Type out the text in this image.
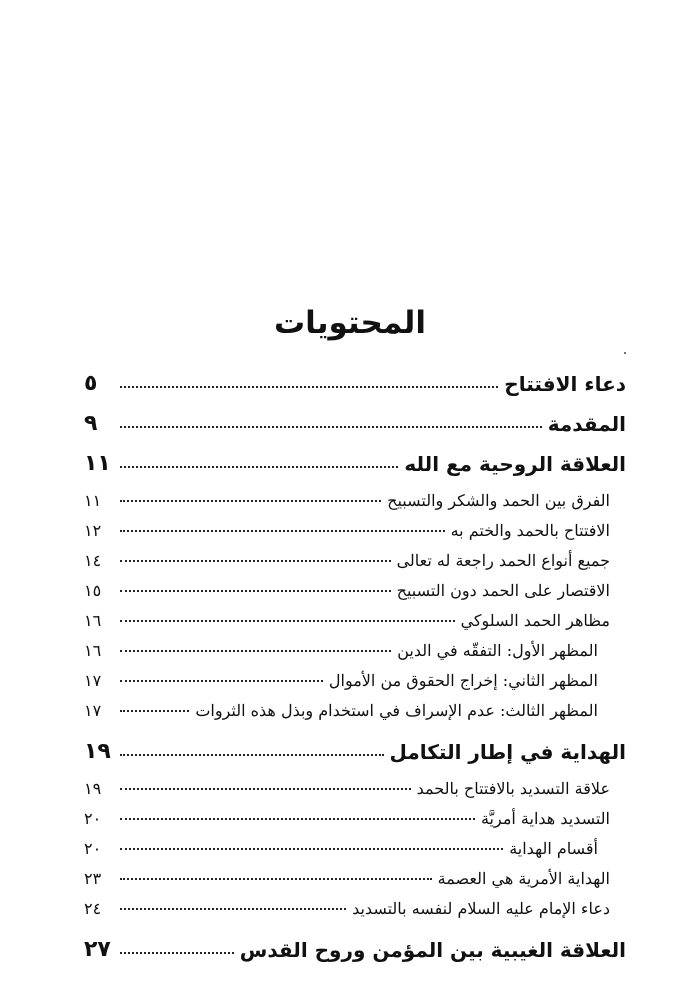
المحتويات
دعاء الافتتاح
٥
المقدمة
٩
العلاقة الروحية مع الله
١١
الفرق بين الحمد والشكر والتسبيح
١١
الافتتاح بالحمد والختم به
١٢
جميع أنواع الحمد راجعة له تعالى
١٤
الاقتصار على الحمد دون التسبيح
١٥
مظاهر الحمد السلوكي
١٦
المظهر الأول: التفقّه في الدين
١٦
المظهر الثاني: إخراج الحقوق من الأموال
١٧
المظهر الثالث: عدم الإسراف في استخدام وبذل هذه الثروات
١٧
الهداية في إطار التكامل
١٩
علاقة التسديد بالافتتاح بالحمد
١٩
التسديد هداية أمريَّة
٢٠
أقسام الهداية
٢٠
الهداية الأمرية هي العصمة
٢٣
دعاء الإمام عليه السلام لنفسه بالتسديد
٢٤
العلاقة الغيبية بين المؤمن وروح القدس
٢٧
